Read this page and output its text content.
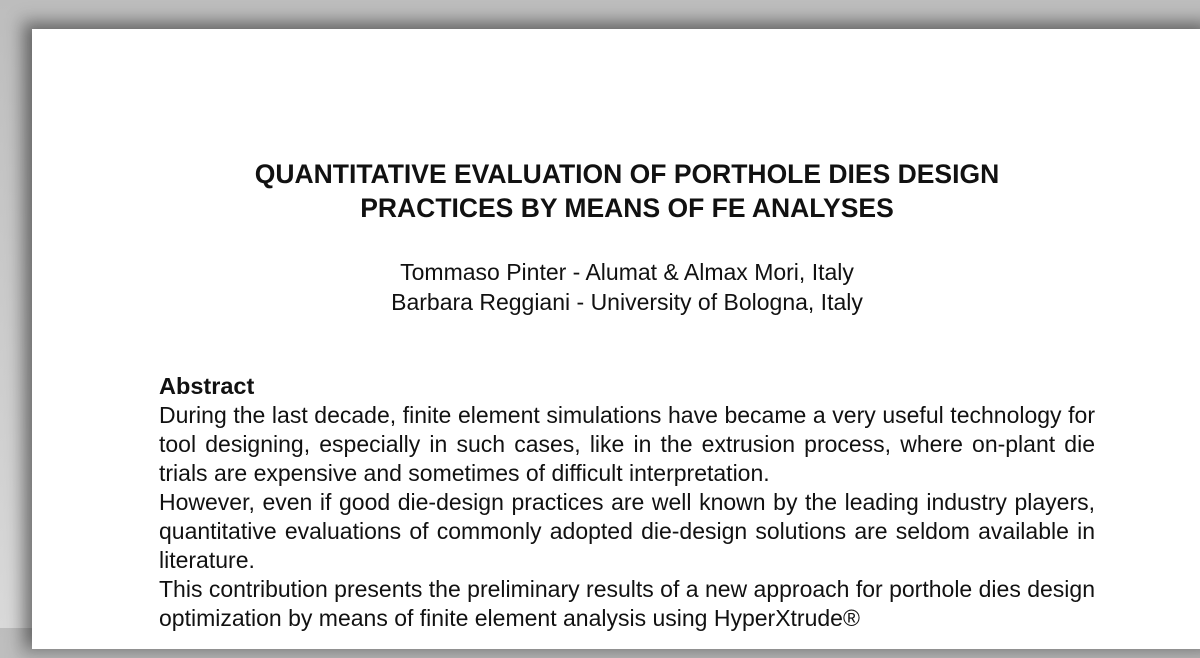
QUANTITATIVE EVALUATION OF PORTHOLE DIES DESIGN
PRACTICES BY MEANS OF FE ANALYSES
Tommaso Pinter - Alumat & Almax Mori, Italy
Barbara Reggiani - University of Bologna, Italy

Abstract

During the last decade, finite element simulations have became a very useful technology for tool designing, especially in such cases, like in the extrusion process, where on-plant die trials are expensive and sometimes of difficult interpretation.

However, even if good die-design practices are well known by the leading industry players, quantitative evaluations of commonly adopted die-design solutions are seldom available in literature.

This contribution presents the preliminary results of a new approach for porthole dies design optimization by means of finite element analysis using HyperXtrude®
